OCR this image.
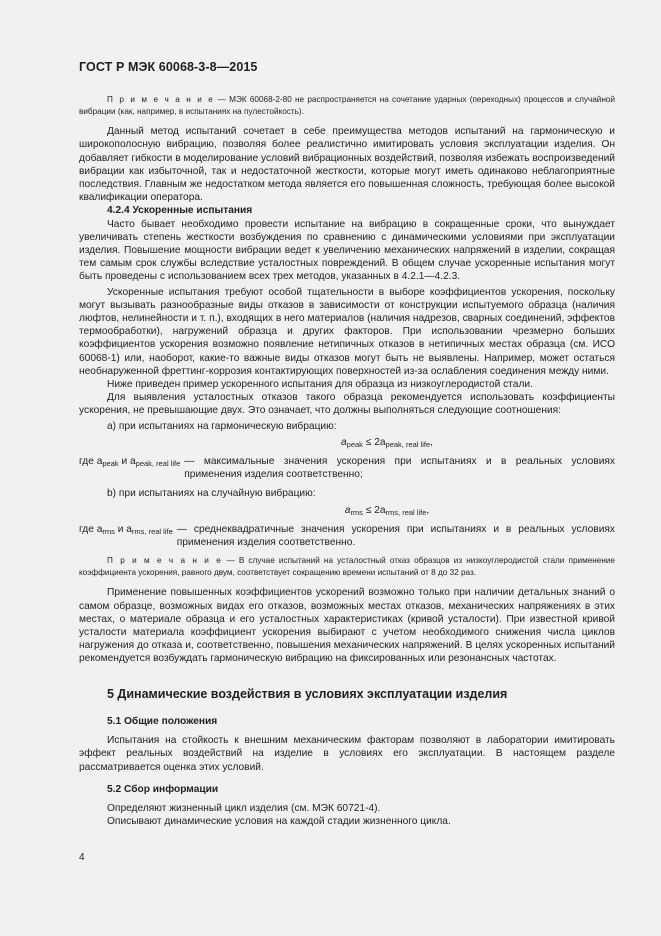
ГОСТ Р МЭК 60068-3-8—2015

П р и м е ч а н и е — МЭК 60068-2-80 не распространяется на сочетание ударных (переходных) процессов и случайной вибрации (как, например, в испытаниях на пулестойкость).

Данный метод испытаний сочетает в себе преимущества методов испытаний на гармоническую и широкополосную вибрацию, позволяя более реалистично имитировать условия эксплуатации изделия. Он добавляет гибкости в моделирование условий вибрационных воздействий, позволяя избежать воспроизведений вибрации как избыточной, так и недостаточной жесткости, которые могут иметь одинаково неблагоприятные последствия. Главным же недостатком метода является его повышенная сложность, требующая более высокой квалификации оператора.

4.2.4 Ускоренные испытания

Часто бывает необходимо провести испытание на вибрацию в сокращенные сроки, что вынуждает увеличивать степень жесткости возбуждения по сравнению с динамическими условиями при эксплуатации изделия. Повышение мощности вибрации ведет к увеличению механических напряжений в изделии, сокращая тем самым срок службы вследствие усталостных повреждений. В общем случае ускоренные испытания могут быть проведены с использованием всех трех методов, указанных в 4.2.1—4.2.3.

Ускоренные испытания требуют особой тщательности в выборе коэффициентов ускорения, поскольку могут вызывать разнообразные виды отказов в зависимости от конструкции испытуемого образца (наличия люфтов, нелинейности и т. п.), входящих в него материалов (наличия надрезов, сварных соединений, эффектов термообработки), нагружений образца и других факторов. При использовании чрезмерно больших коэффициентов ускорения возможно появление нетипичных отказов в нетипичных местах образца (см. ИСО 60068-1) или, наоборот, какие-то важные виды отказов могут быть не выявлены. Например, может остаться необнаруженной фреттинг-коррозия контактирующих поверхностей из-за ослабления соединения между ними.

Ниже приведен пример ускоренного испытания для образца из низкоуглеродистой стали.

Для выявления усталостных отказов такого образца рекомендуется использовать коэффициенты ускорения, не превышающие двух. Это означает, что должны выполняться следующие соотношения:

a) при испытаниях на гармоническую вибрацию:

$a_{peak} \le 2a_{peak, real life}$,
где $a_{peak}$ и $a_{peak, real life}$ — максимальные значения ускорения при испытаниях и в реальных условиях применения изделия соответственно;

b) при испытаниях на случайную вибрацию:

$a_{rms} \le 2a_{rms, real life}$,
где $a_{rms}$ и $a_{rms, real life}$ — среднеквадратичные значения ускорения при испытаниях и в реальных условиях применения изделия соответственно.

П р и м е ч а н и е — В случае испытаний на усталостный отказ образцов из низкоуглеродистой стали применение коэффициента ускорения, равного двум, соответствует сокращению времени испытаний от 8 до 32 раз.

Применение повышенных коэффициентов ускорений возможно только при наличии детальных знаний о самом образце, возможных видах его отказов, возможных местах отказов, механических напряжениях в этих местах, о материале образца и его усталостных характеристиках (кривой усталости). При известной кривой усталости материала коэффициент ускорения выбирают с учетом необходимого снижения числа циклов нагружения до отказа и, соответственно, повышения механических напряжений. В целях ускоренных испытаний рекомендуется возбуждать гармоническую вибрацию на фиксированных или резонансных частотах.

5 Динамические воздействия в условиях эксплуатации изделия
5.1 Общие положения

Испытания на стойкость к внешним механическим факторам позволяют в лаборатории имитировать эффект реальных воздействий на изделие в условиях его эксплуатации. В настоящем разделе рассматривается оценка этих условий.

5.2 Сбор информации

Определяют жизненный цикл изделия (см. МЭК 60721-4).

Описывают динамические условия на каждой стадии жизненного цикла.

4
